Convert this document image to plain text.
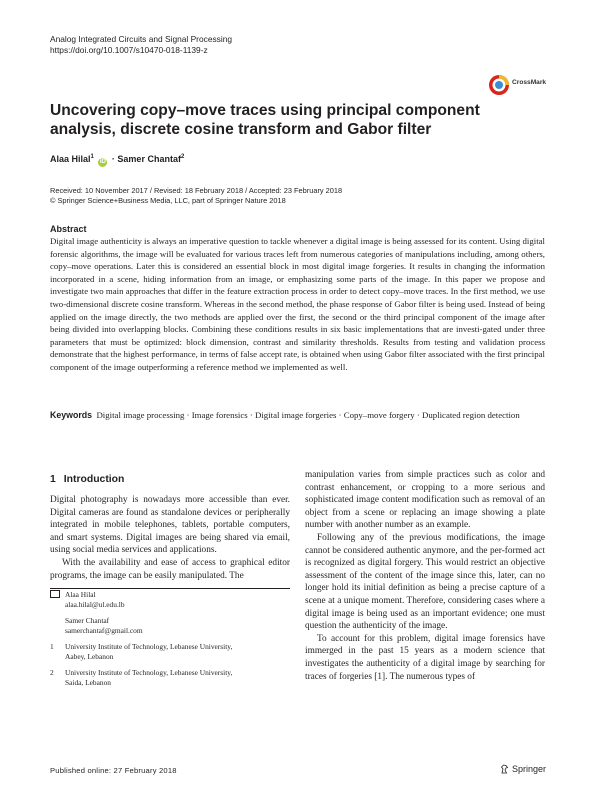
Analog Integrated Circuits and Signal Processing
https://doi.org/10.1007/s10470-018-1139-z
CrossMark
Uncovering copy–move traces using principal component analysis, discrete cosine transform and Gabor filter
Alaa Hilal$^1$ iD · Samer Chantaf$^2$
Received: 10 November 2017 / Revised: 18 February 2018 / Accepted: 23 February 2018
© Springer Science+Business Media, LLC, part of Springer Nature 2018
Abstract
Digital image authenticity is always an imperative question to tackle whenever a digital image is being assessed for its content. Using digital forensic algorithms, the image will be evaluated for various traces left from numerous categories of manipulations including, among others, copy–move operations. Later this is considered an essential block in most digital image forgeries. It results in changing the information incorporated in a scene, hiding information from an image, or emphasizing some parts of the image. In this paper we propose and investigate two main approaches that differ in the feature extraction process in order to detect copy–move traces. In the first method, we use two-dimensional discrete cosine transform. Whereas in the second method, the phase response of Gabor filter is being used. Instead of being applied on the image directly, the two methods are applied over the first, the second or the third principal component of the image after being divided into overlapping blocks. Combining these conditions results in six basic implementations that are investi-gated under three parameters that must be optimized: block dimension, contrast and similarity thresholds. Results from testing and validation process demonstrate that the highest performance, in terms of false accept rate, is obtained when using Gabor filter associated with the first principal component of the image outperforming a reference method we implemented as well.
Keywords Digital image processing · Image forensics · Digital image forgeries · Copy–move forgery · Duplicated region detection
1 Introduction

Digital photography is nowadays more accessible than ever. Digital cameras are found as standalone devices or peripherally integrated in mobile telephones, tablets, portable computers, and smart systems. Digital images are being shared via email, using social media services and applications.

With the availability and ease of access to graphical editor programs, the image can be easily manipulated. The

Alaa Hilal
alaa.hilal@ul.edu.lb
Samer Chantaf
samerchantaf@gmail.com
1 University Institute of Technology, Lebanese University,
Aabey, Lebanon
2 University Institute of Technology, Lebanese University,
Saida, Lebanon

manipulation varies from simple practices such as color and contrast enhancement, or cropping to a more serious and sophisticated image content modification such as removal of an object from a scene or replacing an image showing a plate number with another number as an example.

Following any of the previous modifications, the image cannot be considered authentic anymore, and the per-formed act is recognized as digital forgery. This would restrict an objective assessment of the content of the image since this, later, can no longer hold its initial definition as being a precise capture of a scene at a unique moment. Therefore, considering cases where a digital image is being used as an important evidence; one must question the authenticity of the image.

To account for this problem, digital image forensics have immerged in the past 15 years as a modern science that investigates the authenticity of a digital image by searching for traces of forgeries [1]. The numerous types of

Published online: 27 February 2018	Springer
